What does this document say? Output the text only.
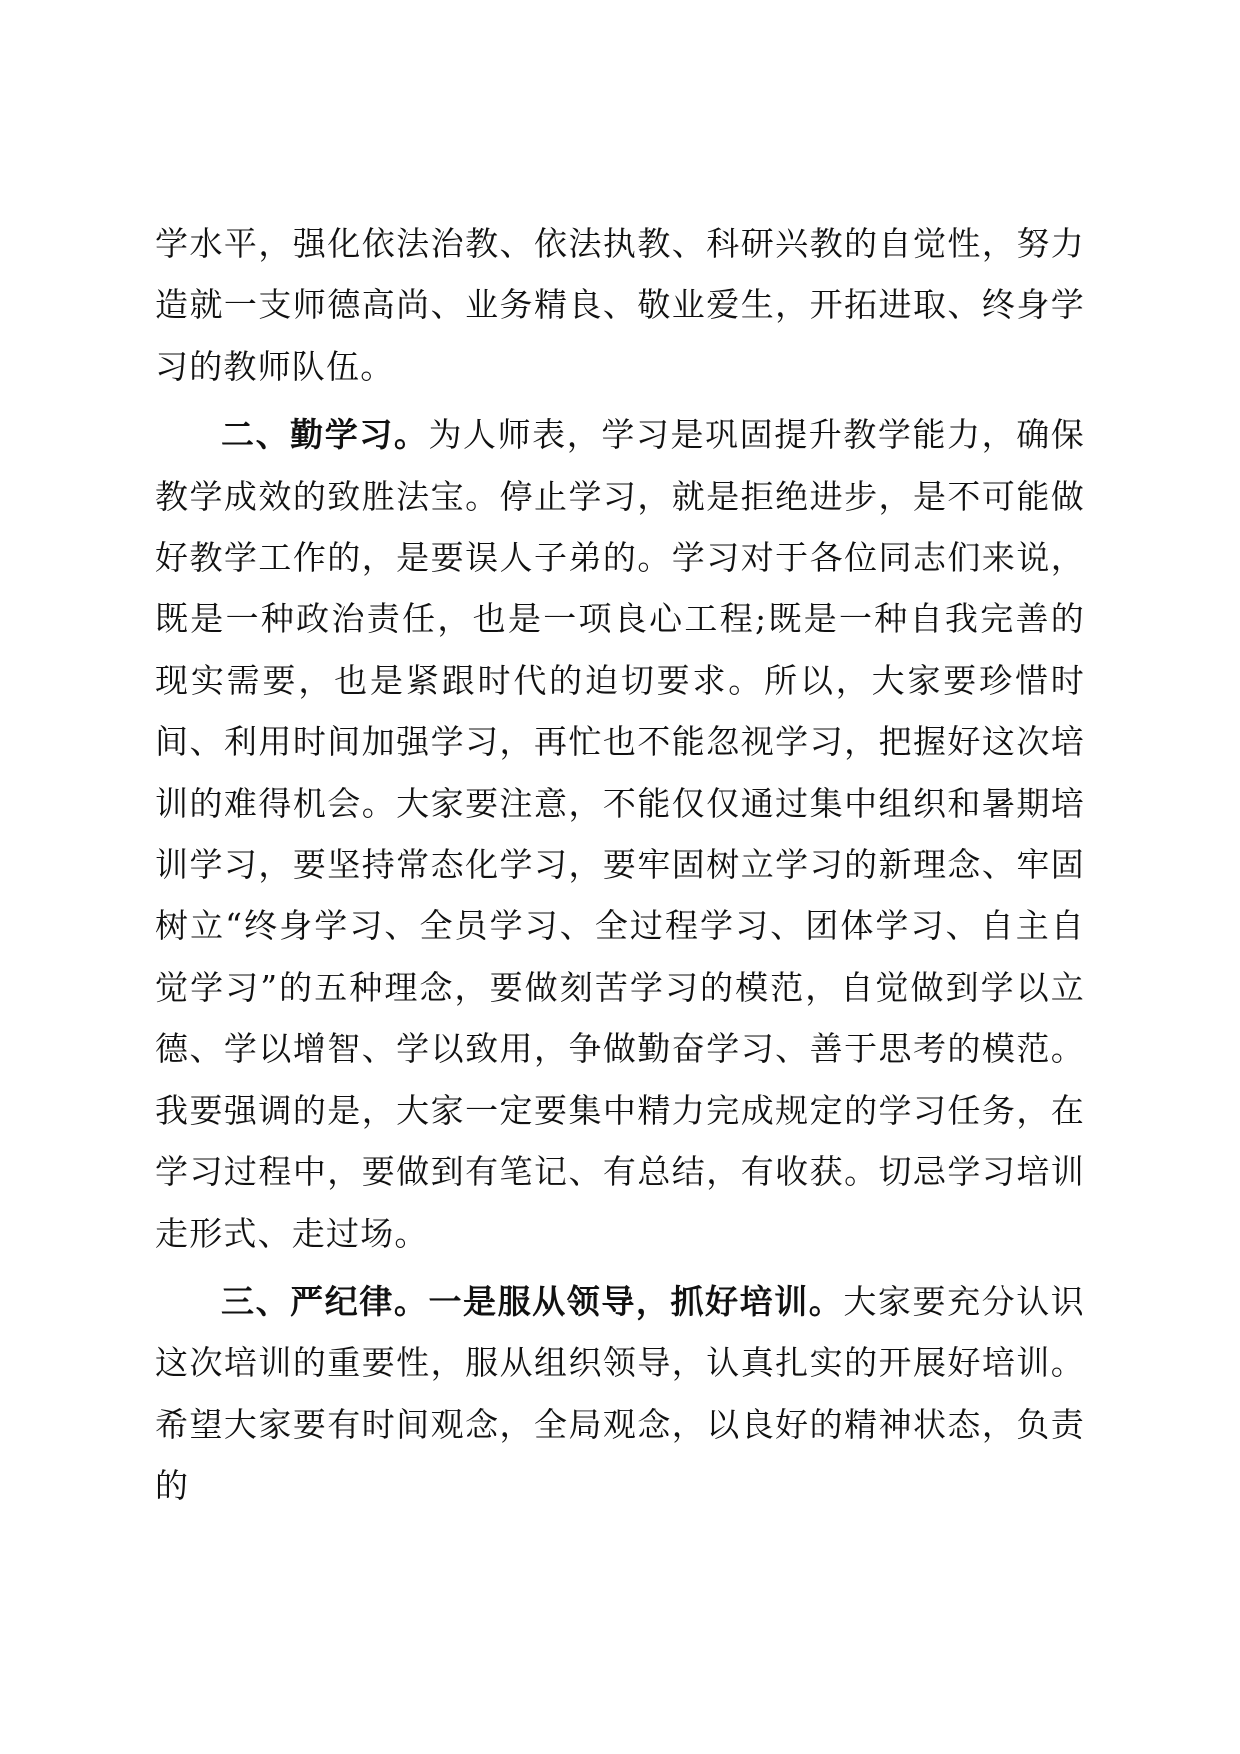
学水平，强化依法治教、依法执教、科研兴教的自觉性，努力造就一支师德高尚、业务精良、敬业爱生，开拓进取、终身学习的教师队伍。

二、勤学习。为人师表，学习是巩固提升教学能力，确保教学成效的致胜法宝。停止学习，就是拒绝进步，是不可能做好教学工作的，是要误人子弟的。学习对于各位同志们来说，既是一种政治责任，也是一项良心工程;既是一种自我完善的现实需要，也是紧跟时代的迫切要求。所以，大家要珍惜时间、利用时间加强学习，再忙也不能忽视学习，把握好这次培训的难得机会。大家要注意，不能仅仅通过集中组织和暑期培训学习，要坚持常态化学习，要牢固树立学习的新理念、牢固树立“终身学习、全员学习、全过程学习、团体学习、自主自觉学习”的五种理念，要做刻苦学习的模范，自觉做到学以立德、学以增智、学以致用，争做勤奋学习、善于思考的模范。我要强调的是，大家一定要集中精力完成规定的学习任务，在学习过程中，要做到有笔记、有总结，有收获。切忌学习培训走形式、走过场。

三、严纪律。一是服从领导，抓好培训。大家要充分认识这次培训的重要性，服从组织领导，认真扎实的开展好培训。希望大家要有时间观念，全局观念，以良好的精神状态，负责的
